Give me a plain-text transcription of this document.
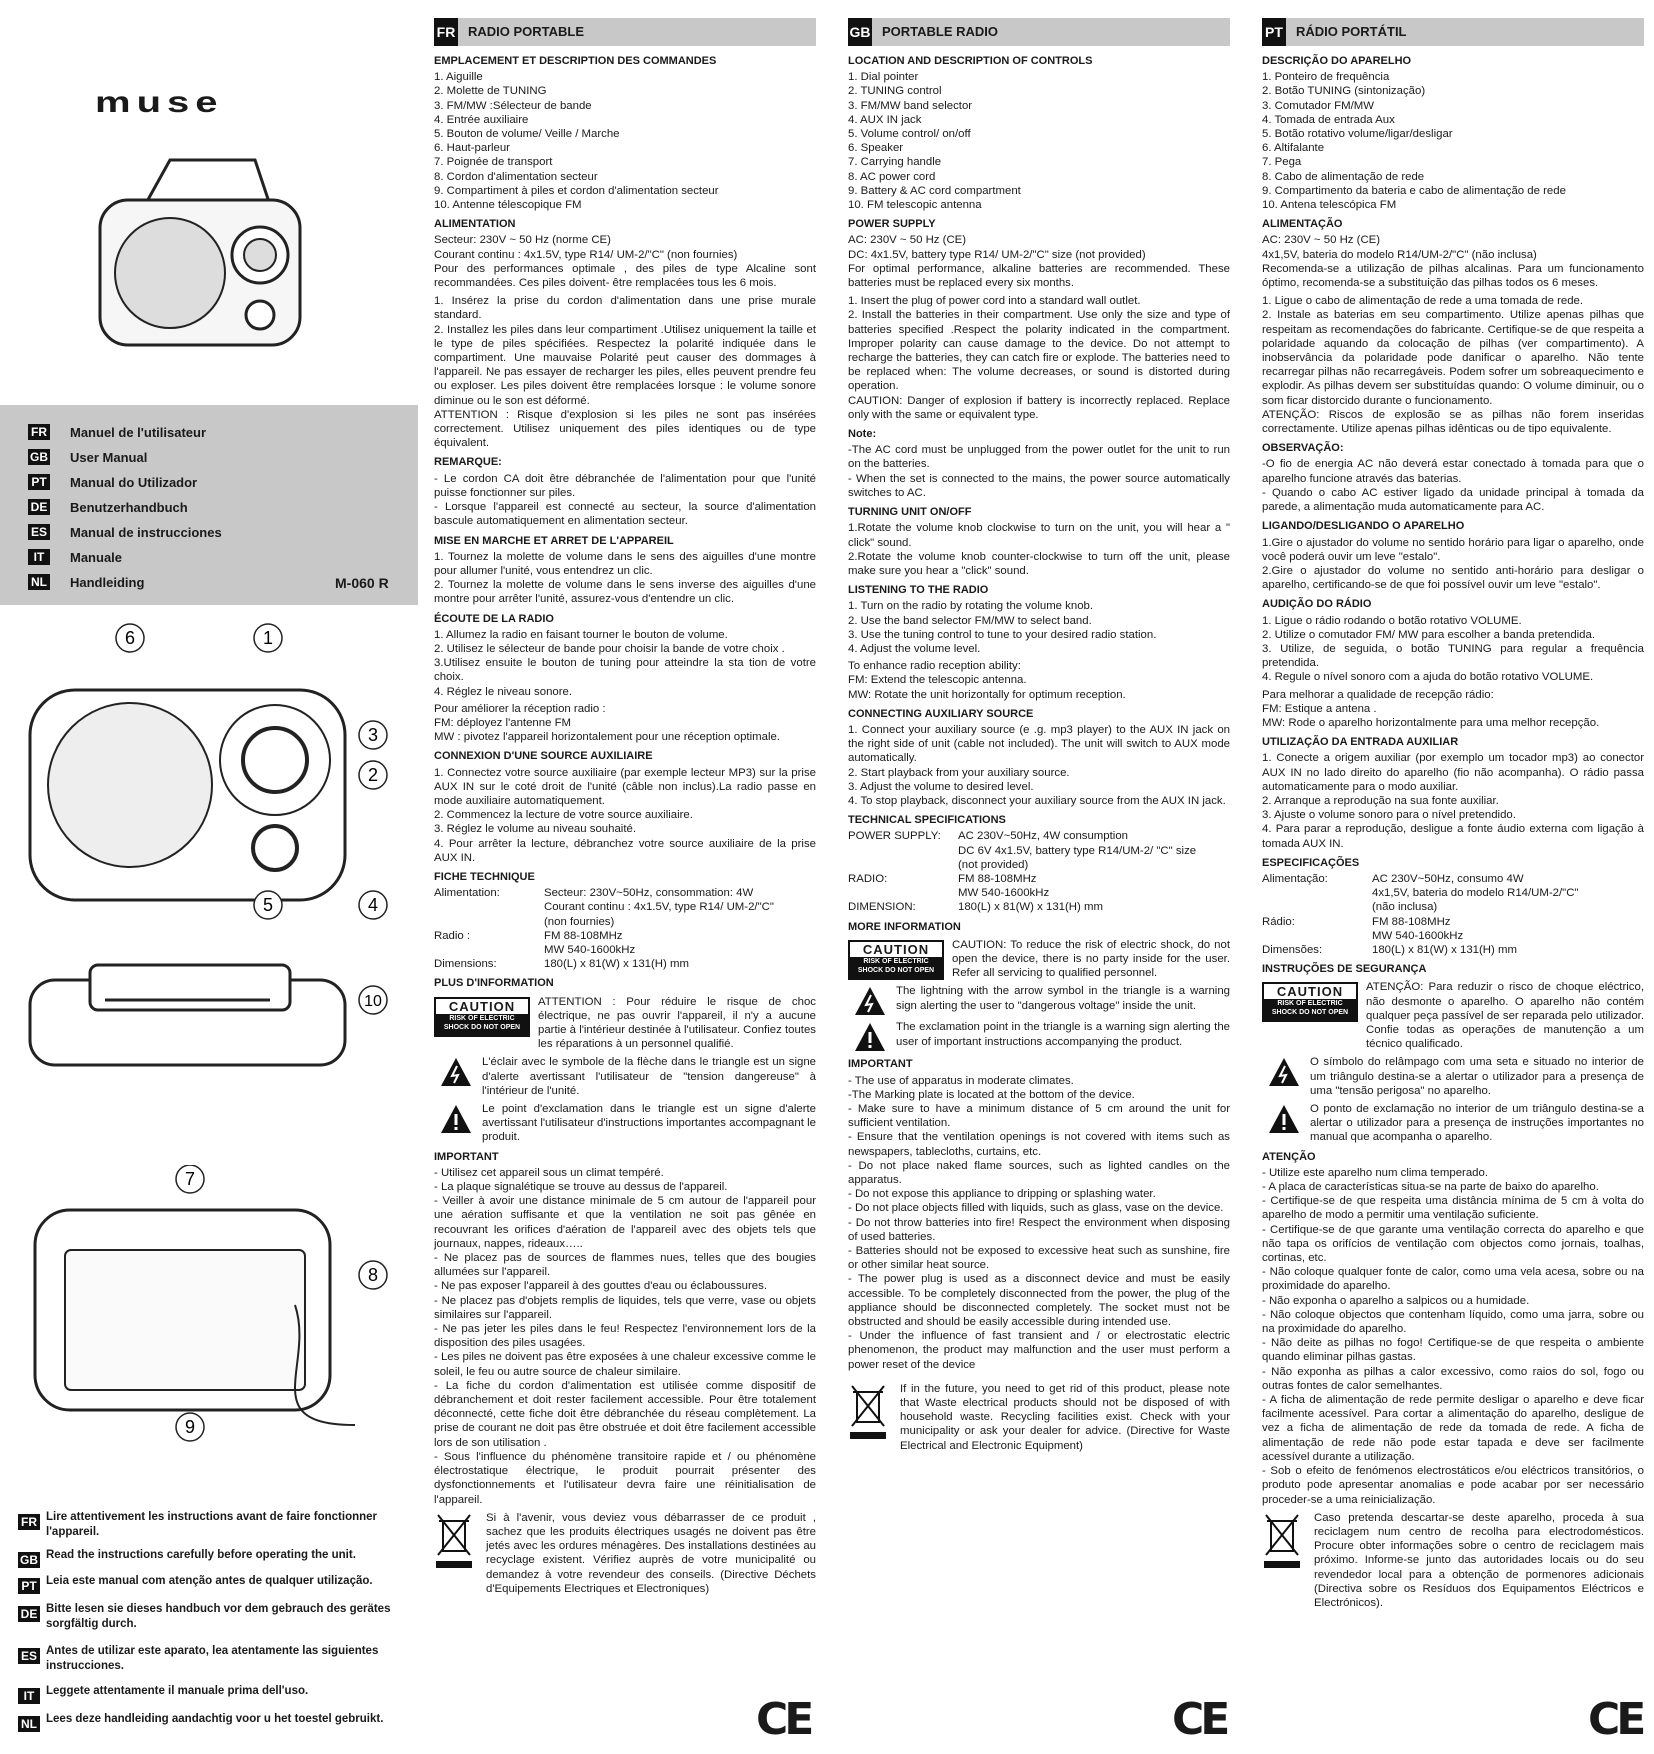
muse
FR Manuel de l'utilisateur
GB User Manual
PT Manual do Utilizador
DE Benutzerhandbuch
ES Manual de instrucciones
IT	Manuale
NL Handleiding	M-060 R
6	1
3
2
4
5
10
7
8
9
FR Lire attentivement les instructions avant de faire fonctionner l'appareil.
GB Read the instructions carefully before operating the unit.
PT Leia este manual com atenção antes de qualquer utilização.
DE Bitte lesen sie dieses handbuch vor dem gebrauch des gerätes sorgfältig durch.
ES Antes de utilizar este aparato, lea atentamente las siguientes instrucciones.
IT	Leggete attentamente il manuale prima dell'uso.
NL Lees deze handleiding aandachtig voor u het toestel gebruikt.
FR RADIO PORTABLE
EMPLACEMENT ET DESCRIPTION DES COMMANDES
1. Aiguille
2. Molette de TUNING
3. FM/MW :Sélecteur de bande
4. Entrée auxiliaire
5. Bouton de volume/ Veille / Marche
6. Haut-parleur
7. Poignée de transport
8. Cordon d'alimentation secteur
9. Compartiment à piles et cordon d'alimentation secteur
10. Antenne télescopique FM
ALIMENTATION

Secteur: 230V ~ 50 Hz (norme CE)
Courant continu : 4x1.5V, type R14/ UM-2/"C" (non fournies)
Pour des performances optimale , des piles de type Alcaline sont recommandées. Ces piles doivent- être remplacées tous les 6 mois.

1. Insérez la prise du cordon d'alimentation dans une prise murale standard.
2. Installez les piles dans leur compartiment .Utilisez uniquement la taille et le type de piles spécifiées. Respectez la polarité indiquée dans le compartiment. Une mauvaise Polarité peut causer des dommages à l'appareil. Ne pas essayer de recharger les piles, elles peuvent prendre feu ou exploser. Les piles doivent être remplacées lorsque : le volume sonore diminue ou le son est déformé.
ATTENTION : Risque d'explosion si les piles ne sont pas insérées correctement. Utilisez uniquement des piles identiques ou de type équivalent.

REMARQUE:

- Le cordon CA doit être débranchée de l'alimentation pour que l'unité puisse fonctionner sur piles.
- Lorsque l'appareil est connecté au secteur, la source d'alimentation bascule automatiquement en alimentation secteur.

MISE EN MARCHE ET ARRET DE L'APPAREIL

1. Tournez la molette de volume dans le sens des aiguilles d'une montre pour allumer l'unité, vous entendrez un clic.
2. Tournez la molette de volume dans le sens inverse des aiguilles d'une montre pour arrêter l'unité, assurez-vous d'entendre un clic.

ÉCOUTE DE LA RADIO

1. Allumez la radio en faisant tourner le bouton de volume.
2. Utilisez le sélecteur de bande pour choisir la bande de votre choix .
3.Utilisez ensuite le bouton de tuning pour atteindre la sta tion de votre choix.
4. Réglez le niveau sonore.

Pour améliorer la réception radio :
FM: déployez l'antenne FM
MW : pivotez l'appareil horizontalement pour une réception optimale.

CONNEXION D'UNE SOURCE AUXILIAIRE

1. Connectez votre source auxiliaire (par exemple lecteur MP3) sur la prise AUX IN sur le coté droit de l'unité (câble non inclus).La radio passe en mode auxiliaire automatiquement.
2. Commencez la lecture de votre source auxiliaire.
3. Réglez le volume au niveau souhaité.
4. Pour arrêter la lecture, débranchez votre source auxiliaire de la prise AUX IN.

FICHE TECHNIQUE

Alimentation:	Secteur: 230V~50Hz, consommation: 4W
Courant continu : 4x1.5V, type R14/ UM-2/"C"
(non fournies)

Radio :	FM 88-108MHz
MW 540-1600kHz

Dimensions:	180(L) x 81(W) x 131(H) mm

PLUS D'INFORMATION
CAUTION
RISK OF ELECTRIC SHOCK DO NOT OPEN

ATTENTION : Pour réduire le risque de choc électrique, ne pas ouvrir l'appareil, il n'y a aucune partie à l'intérieur destinée à l'utilisateur. Confiez toutes les réparations à un personnel qualifié.

L'éclair avec le symbole de la flèche dans le triangle est un signe d'alerte avertissant l'utilisateur de "tension dangereuse" à l'intérieur de l'unité.

Le point d'exclamation dans le triangle est un signe d'alerte avertissant l'utilisateur d'instructions importantes accompagnant le produit.

IMPORTANT

- Utilisez cet appareil sous un climat tempéré.
- La plaque signalétique se trouve au dessus de l'appareil.
- Veiller à avoir une distance minimale de 5 cm autour de l'appareil pour une aération suffisante et que la ventilation ne soit pas gênée en recouvrant les orifices d'aération de l'appareil avec des objets tels que journaux, nappes, rideaux…..
- Ne placez pas de sources de flammes nues, telles que des bougies allumées sur l'appareil.
- Ne pas exposer l'appareil à des gouttes d'eau ou éclaboussures.
- Ne placez pas d'objets remplis de liquides, tels que verre, vase ou objets similaires sur l'appareil.
- Ne pas jeter les piles dans le feu! Respectez l'environnement lors de la disposition des piles usagées.
- Les piles ne doivent pas être exposées à une chaleur excessive comme le soleil, le feu ou autre source de chaleur similaire.
- La fiche du cordon d'alimentation est utilisée comme dispositif de débranchement et doit rester facilement accessible. Pour être totalement déconnecté, cette fiche doit être débranchée du réseau complètement. La prise de courant ne doit pas être obstruée et doit être facilement accessible lors de son utilisation .
- Sous l'influence du phénomène transitoire rapide et / ou phénomène électrostatique électrique, le produit pourrait présenter des dysfonctionnements et l'utilisateur devra faire une réinitialisation de l'appareil.

Si à l'avenir, vous deviez vous débarrasser de ce produit , sachez que les produits électriques usagés ne doivent pas être jetés avec les ordures ménagères. Des installations destinées au recyclage existent. Vérifiez auprès de votre municipalité ou demandez à votre revendeur des conseils. (Directive Déchets d'Equipements Electriques et Electroniques)

CE
GB PORTABLE RADIO
LOCATION AND DESCRIPTION OF CONTROLS
1. Dial pointer
2. TUNING control
3. FM/MW band selector
4. AUX IN jack
5. Volume control/ on/off
6. Speaker
7. Carrying handle
8. AC power cord
9. Battery & AC cord compartment
10. FM telescopic antenna
POWER SUPPLY

AC: 230V ~ 50 Hz (CE)
DC: 4x1.5V, battery type R14/ UM-2/"C" size (not provided)
For optimal performance, alkaline batteries are recommended. These batteries must be replaced every six months.

1. Insert the plug of power cord into a standard wall outlet.
2. Install the batteries in their compartment. Use only the size and type of batteries specified .Respect the polarity indicated in the compartment. Improper polarity can cause damage to the device. Do not attempt to recharge the batteries, they can catch fire or explode. The batteries need to be replaced when: The volume decreases, or sound is distorted during operation.
CAUTION: Danger of explosion if battery is incorrectly replaced. Replace only with the same or equivalent type.

Note:

-The AC cord must be unplugged from the power outlet for the unit to run on the batteries.
- When the set is connected to the mains, the power source automatically switches to AC.

TURNING UNIT ON/OFF

1.Rotate the volume knob clockwise to turn on the unit, you will hear a " click" sound.
2.Rotate the volume knob counter-clockwise to turn off the unit, please make sure you hear a "click" sound.

LISTENING TO THE RADIO

1. Turn on the radio by rotating the volume knob.
2. Use the band selector FM/MW to select band.
3. Use the tuning control to tune to your desired radio station.
4. Adjust the volume level.

To enhance radio reception ability:
FM: Extend the telescopic antenna.
MW: Rotate the unit horizontally for optimum reception.

CONNECTING AUXILIARY SOURCE

1. Connect your auxiliary source (e .g. mp3 player) to the AUX IN jack on the right side of unit (cable not included). The unit will switch to AUX mode automatically.
2. Start playback from your auxiliary source.
3. Adjust the volume to desired level.
4. To stop playback, disconnect your auxiliary source from the AUX IN jack.

TECHNICAL SPECIFICATIONS

POWER SUPPLY:	AC 230V~50Hz, 4W consumption
DC 6V 4x1.5V, battery type R14/UM-2/ "C" size
(not provided)

RADIO:	FM 88-108MHz
MW 540-1600kHz

DIMENSION:	180(L) x 81(W) x 131(H) mm

MORE INFORMATION
CAUTION
RISK OF ELECTRIC SHOCK DO NOT OPEN

CAUTION: To reduce the risk of electric shock, do not open the device, there is no party inside for the user. Refer all servicing to qualified personnel.

The lightning with the arrow symbol in the triangle is a warning sign alerting the user to "dangerous voltage" inside the unit.

The exclamation point in the triangle is a warning sign alerting the user of important instructions accompanying the product.

IMPORTANT

- The use of apparatus in moderate climates.
-The Marking plate is located at the bottom of the device.
- Make sure to have a minimum distance of 5 cm around the unit for sufficient ventilation.
- Ensure that the ventilation openings is not covered with items such as newspapers, tablecloths, curtains, etc.
- Do not place naked flame sources, such as lighted candles on the apparatus.
- Do not expose this appliance to dripping or splashing water.
- Do not place objects filled with liquids, such as glass, vase on the device.
- Do not throw batteries into fire! Respect the environment when disposing of used batteries.
- Batteries should not be exposed to excessive heat such as sunshine, fire or other similar heat source.
- The power plug is used as a disconnect device and must be easily accessible. To be completely disconnected from the power, the plug of the appliance should be disconnected completely. The socket must not be obstructed and should be easily accessible during intended use.
- Under the influence of fast transient and / or electrostatic electric phenomenon, the product may malfunction and the user must perform a power reset of the device

If in the future, you need to get rid of this product, please note that Waste electrical products should not be disposed of with household waste. Recycling facilities exist. Check with your municipality or ask your dealer for advice. (Directive for Waste Electrical and Electronic Equipment)

CE
PT RÁDIO PORTÁTIL
DESCRIÇÃO DO APARELHO
1. Ponteiro de frequência
2. Botão TUNING (sintonização)
3. Comutador FM/MW
4. Tomada de entrada Aux
5. Botão rotativo volume/ligar/desligar
6. Altifalante
7. Pega
8. Cabo de alimentação de rede
9. Compartimento da bateria e cabo de alimentação de rede
10. Antena telescópica FM
ALIMENTAÇÃO

AC: 230V ~ 50 Hz (CE)
4x1,5V, bateria do modelo R14/UM-2/"C" (não inclusa)
Recomenda-se a utilização de pilhas alcalinas. Para um funcionamento óptimo, recomenda-se a substituição das pilhas todos os 6 meses.

1. Ligue o cabo de alimentação de rede a uma tomada de rede.
2. Instale as baterias em seu compartimento. Utilize apenas pilhas que respeitam as recomendações do fabricante. Certifique-se de que respeita a polaridade aquando da colocação de pilhas (ver compartimento). A inobservância da polaridade pode danificar o aparelho. Não tente recarregar pilhas não recarregáveis. Podem sofrer um sobreaquecimento e explodir. As pilhas devem ser substituídas quando: O volume diminuir, ou o som ficar distorcido durante o funcionamento.
ATENÇÃO: Riscos de explosão se as pilhas não forem inseridas correctamente. Utilize apenas pilhas idênticas ou de tipo equivalente.

OBSERVAÇÃO:

-O fio de energia AC não deverá estar conectado à tomada para que o aparelho funcione através das baterias.
- Quando o cabo AC estiver ligado da unidade principal à tomada da parede, a alimentação muda automaticamente para AC.

LIGANDO/DESLIGANDO O APARELHO

1.Gire o ajustador do volume no sentido horário para ligar o aparelho, onde você poderá ouvir um leve "estalo".
2.Gire o ajustador do volume no sentido anti-horário para desligar o aparelho, certificando-se de que foi possível ouvir um leve "estalo".

AUDIÇÃO DO RÁDIO

1. Ligue o rádio rodando o botão rotativo VOLUME.
2. Utilize o comutador FM/ MW para escolher a banda pretendida.
3. Utilize, de seguida, o botão TUNING para regular a frequência pretendida.
4. Regule o nível sonoro com a ajuda do botão rotativo VOLUME.

Para melhorar a qualidade de recepção rádio:
FM: Estique a antena .
MW: Rode o aparelho horizontalmente para uma melhor recepção.

UTILIZAÇÃO DA ENTRADA AUXILIAR

1. Conecte a origem auxiliar (por exemplo um tocador mp3) ao conector AUX IN no lado direito do aparelho (fio não acompanha). O rádio passa automaticamente para o modo auxiliar.
2. Arranque a reprodução na sua fonte auxiliar.
3. Ajuste o volume sonoro para o nível pretendido.
4. Para parar a reprodução, desligue a fonte áudio externa com ligação à tomada AUX IN.

ESPECIFICAÇÕES

Alimentação:	AC 230V~50Hz, consumo 4W
4x1,5V, bateria do modelo R14/UM-2/"C"
(não inclusa)

Rádio:	FM 88-108MHz
MW 540-1600kHz

Dimensões:	180(L) x 81(W) x 131(H) mm

INSTRUÇÕES DE SEGURANÇA
CAUTION
RISK OF ELECTRIC SHOCK DO NOT OPEN

ATENÇÃO: Para reduzir o risco de choque eléctrico, não desmonte o aparelho. O aparelho não contém qualquer peça passível de ser reparada pelo utilizador. Confie todas as operações de manutenção a um técnico qualificado.

O símbolo do relâmpago com uma seta e situado no interior de um triângulo destina-se a alertar o utilizador para a presença de uma "tensão perigosa" no aparelho.

O ponto de exclamação no interior de um triângulo destina-se a alertar o utilizador para a presença de instruções importantes no manual que acompanha o aparelho.

ATENÇÃO

- Utilize este aparelho num clima temperado.
- A placa de características situa-se na parte de baixo do aparelho.
- Certifique-se de que respeita uma distância mínima de 5 cm à volta do aparelho de modo a permitir uma ventilação suficiente.
- Certifique-se de que garante uma ventilação correcta do aparelho e que não tapa os orifícios de ventilação com objectos como jornais, toalhas, cortinas, etc.
- Não coloque qualquer fonte de calor, como uma vela acesa, sobre ou na proximidade do aparelho.
- Não exponha o aparelho a salpicos ou a humidade.
- Não coloque objectos que contenham líquido, como uma jarra, sobre ou na proximidade do aparelho.
- Não deite as pilhas no fogo! Certifique-se de que respeita o ambiente quando eliminar pilhas gastas.
- Não exponha as pilhas a calor excessivo, como raios do sol, fogo ou outras fontes de calor semelhantes.
- A ficha de alimentação de rede permite desligar o aparelho e deve ficar facilmente acessível. Para cortar a alimentação do aparelho, desligue de vez a ficha de alimentação de rede da tomada de rede. A ficha de alimentação de rede não pode estar tapada e deve ser facilmente acessível durante a utilização.
- Sob o efeito de fenómenos electrostáticos e/ou eléctricos transitórios, o produto pode apresentar anomalias e pode acabar por ser necessário proceder-se a uma reinicialização.

Caso pretenda descartar-se deste aparelho, proceda à sua reciclagem num centro de recolha para electrodomésticos. Procure obter informações sobre o centro de reciclagem mais próximo. Informe-se junto das autoridades locais ou do seu revendedor local para a obtenção de pormenores adicionais (Directiva sobre os Resíduos dos Equipamentos Eléctricos e Electrónicos).

CE
